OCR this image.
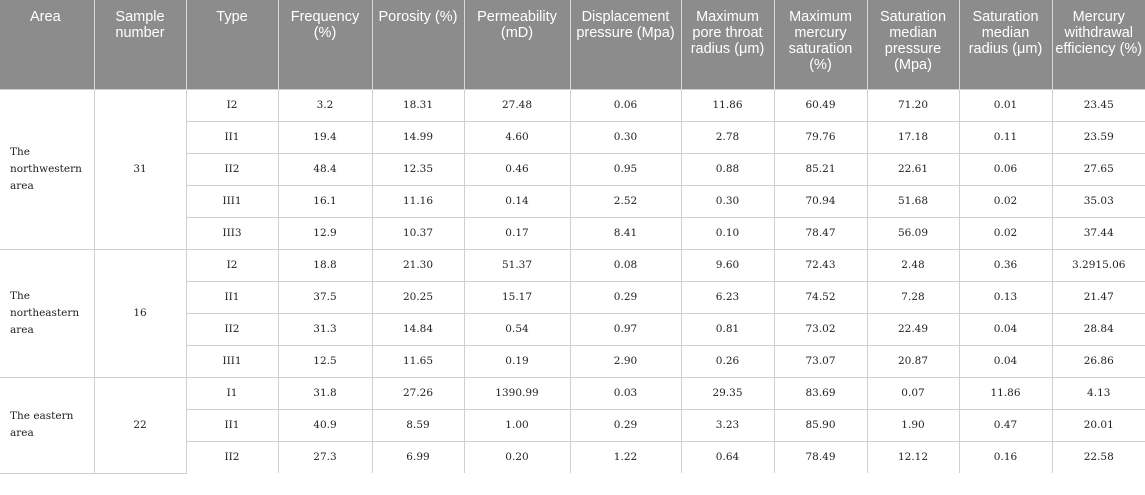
Area	Sample number	Type	Frequency (%)	Porosity (%)	Permeability (mD)	Displacement pressure (Mpa)	Maximum pore throat radius (μm)	Maximum mercury saturation (%)	Saturation median pressure (Mpa)	Saturation median radius (μm)	Mercury withdrawal efficiency (%)
The northwestern area	31	I2	3.2	18.31	27.48	0.06	11.86	60.49	71.20	0.01	23.45
		II1	19.4	14.99	4.60	0.30	2.78	79.76	17.18	0.11	23.59
		II2	48.4	12.35	0.46	0.95	0.88	85.21	22.61	0.06	27.65
		III1	16.1	11.16	0.14	2.52	0.30	70.94	51.68	0.02	35.03
		III3	12.9	10.37	0.17	8.41	0.10	78.47	56.09	0.02	37.44
The northeastern area	16	I2	18.8	21.30	51.37	0.08	9.60	72.43	2.48	0.36	3.2915.06
		II1	37.5	20.25	15.17	0.29	6.23	74.52	7.28	0.13	21.47
		II2	31.3	14.84	0.54	0.97	0.81	73.02	22.49	0.04	28.84
		III1	12.5	11.65	0.19	2.90	0.26	73.07	20.87	0.04	26.86
The eastern area	22	I1	31.8	27.26	1390.99	0.03	29.35	83.69	0.07	11.86	4.13
		II1	40.9	8.59	1.00	0.29	3.23	85.90	1.90	0.47	20.01
		II2	27.3	6.99	0.20	1.22	0.64	78.49	12.12	0.16	22.58
